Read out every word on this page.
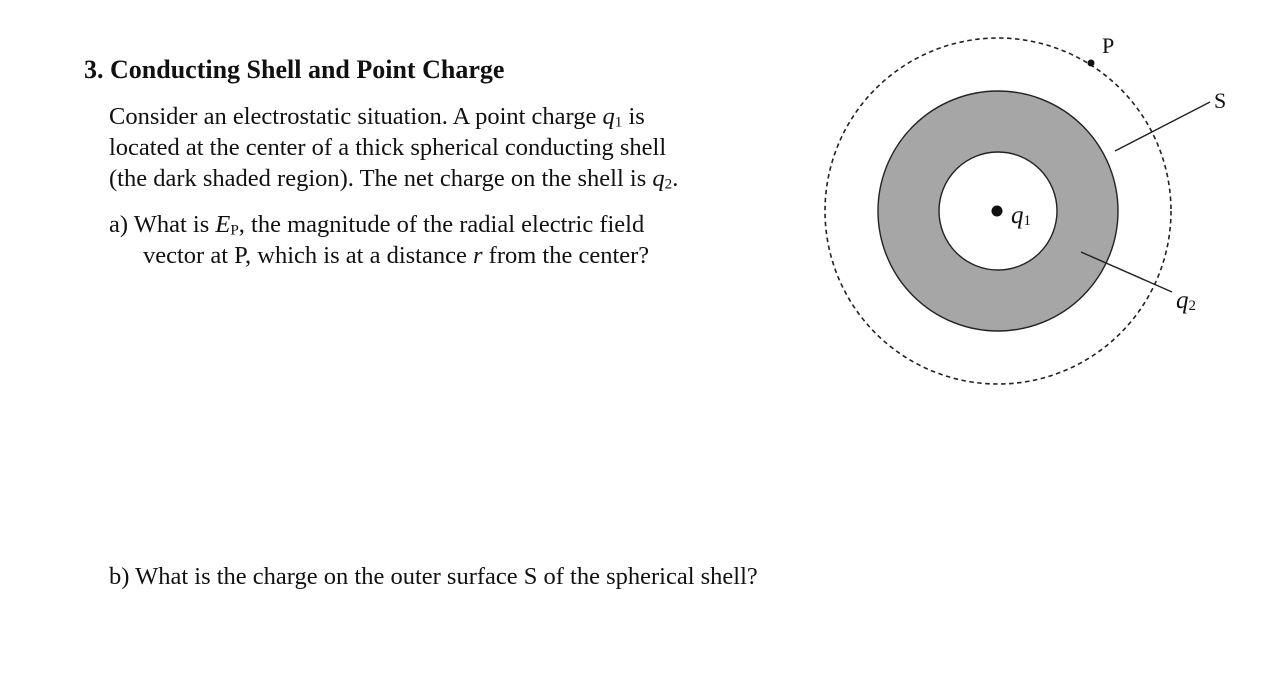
3. Conducting Shell and Point Charge
Consider an electrostatic situation. A point charge $q_1$ is
located at the center of a thick spherical conducting shell
(the dark shaded region). The net charge on the shell is $q_2$.
a) What is $E_P$, the magnitude of the radial electric field
vector at P, which is at a distance r from the center?
b) What is the charge on the outer surface S of the spherical shell?
q1
P
S
q2
